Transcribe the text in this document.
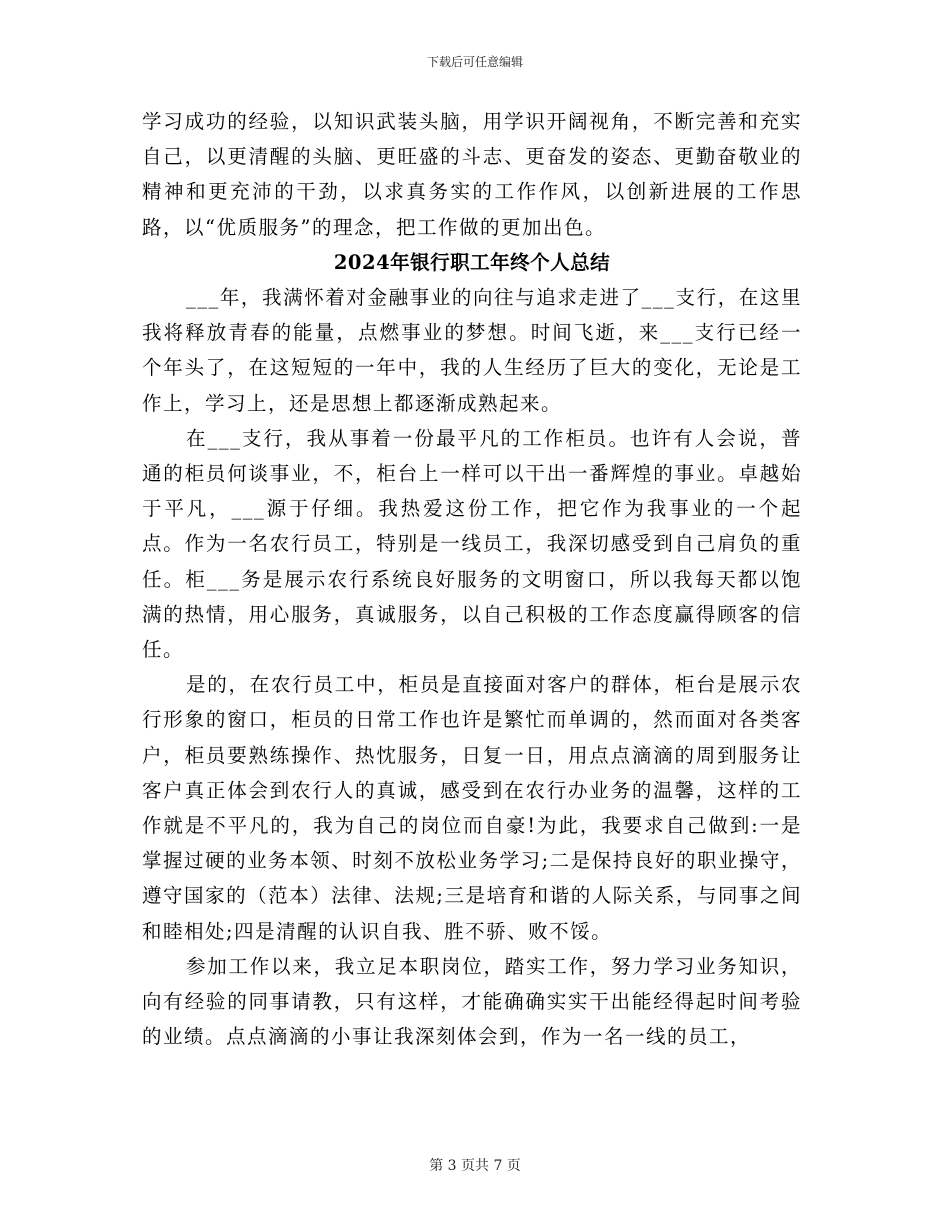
下载后可任意编辑

学习成功的经验，以知识武装头脑，用学识开阔视角，不断完善和充实自己，以更清醒的头脑、更旺盛的斗志、更奋发的姿态、更勤奋敬业的精神和更充沛的干劲，以求真务实的工作作风，以创新进展的工作思路，以“优质服务”的理念，把工作做的更加出色。

2024年银行职工年终个人总结

___年，我满怀着对金融事业的向往与追求走进了___支行，在这里我将释放青春的能量，点燃事业的梦想。时间飞逝，来___支行已经一个年头了，在这短短的一年中，我的人生经历了巨大的变化，无论是工作上，学习上，还是思想上都逐渐成熟起来。

在___支行，我从事着一份最平凡的工作柜员。也许有人会说，普通的柜员何谈事业，不，柜台上一样可以干出一番辉煌的事业。卓越始于平凡，___源于仔细。我热爱这份工作，把它作为我事业的一个起点。作为一名农行员工，特别是一线员工，我深切感受到自己肩负的重任。柜___务是展示农行系统良好服务的文明窗口，所以我每天都以饱满的热情，用心服务，真诚服务，以自己积极的工作态度赢得顾客的信任。

是的，在农行员工中，柜员是直接面对客户的群体，柜台是展示农行形象的窗口，柜员的日常工作也许是繁忙而单调的，然而面对各类客户，柜员要熟练操作、热忱服务，日复一日，用点点滴滴的周到服务让客户真正体会到农行人的真诚，感受到在农行办业务的温馨，这样的工作就是不平凡的，我为自己的岗位而自豪!为此，我要求自己做到:一是掌握过硬的业务本领、时刻不放松业务学习;二是保持良好的职业操守，遵守国家的（范本）法律、法规;三是培育和谐的人际关系，与同事之间和睦相处;四是清醒的认识自我、胜不骄、败不馁。

参加工作以来，我立足本职岗位，踏实工作，努力学习业务知识，向有经验的同事请教，只有这样，才能确确实实干出能经得起时间考验的业绩。点点滴滴的小事让我深刻体会到，作为一名一线的员工，

第 3 页共 7 页
